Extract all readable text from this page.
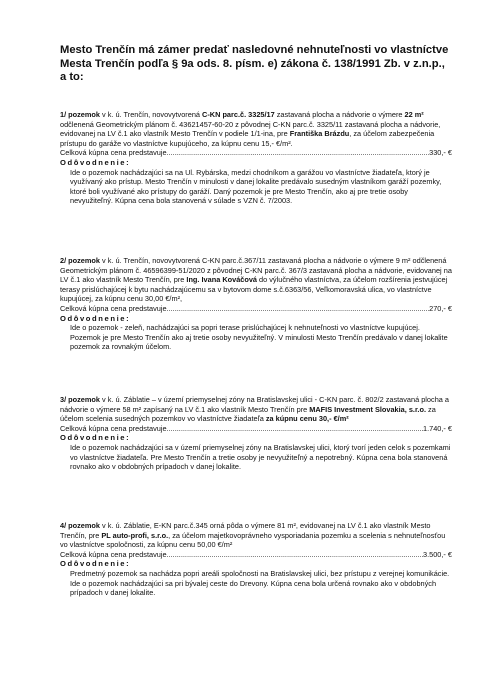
Mesto Trenčín má zámer predať nasledovné nehnuteľnosti vo vlastníctve Mesta Trenčín podľa § 9a ods. 8. písm. e) zákona č. 138/1991 Zb. v z.n.p., a to:

1/ pozemok v k. ú. Trenčín, novovytvorená C-KN parc.č. 3325/17 zastavaná plocha a nádvorie o výmere 22 m² odčlenená Geometrickým plánom č. 43621457-60-20 z pôvodnej C-KN parc.č. 3325/11 zastavaná plocha a nádvorie, evidovanej na LV č.1 ako vlastník Mesto Trenčín v podiele 1/1-ina, pre Františka Brázdu, za účelom zabezpečenia prístupu do garáže vo vlastníctve kupujúceho, za kúpnu cenu 15,- €/m².

Celková kúpna cena predstavuje .....	330,- €

Odôvodnenie:

Ide o pozemok nachádzajúci sa na Ul. Rybárska, medzi chodníkom a garážou vo vlastníctve žiadateľa, ktorý je využívaný ako prístup. Mesto Trenčín v minulosti v danej lokalite predávalo susedným vlastníkom garáží pozemky, ktoré boli využívané ako prístupy do garáží. Daný pozemok je pre Mesto Trenčín, ako aj pre tretie osoby nevyužiteľný. Kúpna cena bola stanovená v súlade s VZN č. 7/2003.

2/ pozemok v k. ú. Trenčín, novovytvorená C-KN parc.č.367/11 zastavaná plocha a nádvorie o výmere 9 m² odčlenená Geometrickým plánom č. 46596399-51/2020 z pôvodnej C-KN parc.č. 367/3 zastavaná plocha a nádvorie, evidovanej na LV č.1 ako vlastník Mesto Trenčín, pre Ing. Ivana Kováčová do výlučného vlastníctva, za účelom rozšírenia jestvujúcej terasy prislúchajúcej k bytu nachádzajúcemu sa v bytovom dome s.č.6363/56, Veľkomoravská ulica, vo vlastníctve kupujúcej, za kúpnu cenu 30,00 €/m²,

Celková kúpna cena predstavuje .....	270,- €

Odôvodnenie:

Ide o pozemok - zeleň, nachádzajúci sa popri terase prislúchajúcej k nehnuteľnosti vo vlastníctve kupujúcej. Pozemok je pre Mesto Trenčín ako aj tretie osoby nevyužiteľný. V minulosti Mesto Trenčín predávalo v danej lokalite pozemok za rovnakým účelom.

3/ pozemok v k. ú. Záblatie – v území priemyselnej zóny na Bratislavskej ulici - C-KN parc. č. 802/2 zastavaná plocha a nádvorie o výmere 58 m² zapísaný na LV č.1 ako vlastník Mesto Trenčín pre MAFIS Investment Slovakia, s.r.o. za účelom scelenia susedných pozemkov vo vlastníctve žiadateľa za kúpnu cenu 30,- €/m²

Celková kúpna cena predstavuje .....	1.740,- €

Odôvodnenie:

Ide o pozemok nachádzajúci sa v území priemyselnej zóny na Bratislavskej ulici, ktorý tvorí jeden celok s pozemkami vo vlastníctve žiadateľa. Pre Mesto Trenčín a tretie osoby je nevyužiteľný a nepotrebný. Kúpna cena bola stanovená rovnako ako v obdobných prípadoch v danej lokalite.

4/ pozemok v k. ú. Záblatie, E-KN parc.č.345 orná pôda o výmere 81 m², evidovanej na LV č.1 ako vlastník Mesto Trenčín, pre PL auto-profi, s.r.o., za účelom majetkovoprávneho vysporiadania pozemku a scelenia s nehnuteľnosťou vo vlastníctve spoločnosti, za kúpnu cenu 50,00 €/m²

Celková kúpna cena predstavuje .....	3.500,- €

Odôvodnenie:

Predmetný pozemok sa nachádza popri areáli spoločnosti na Bratislavskej ulici, bez prístupu z verejnej komunikácie. Ide o pozemok nachádzajúci sa pri bývalej ceste do Drevony. Kúpna cena bola určená rovnako ako v obdobných prípadoch v danej lokalite.
